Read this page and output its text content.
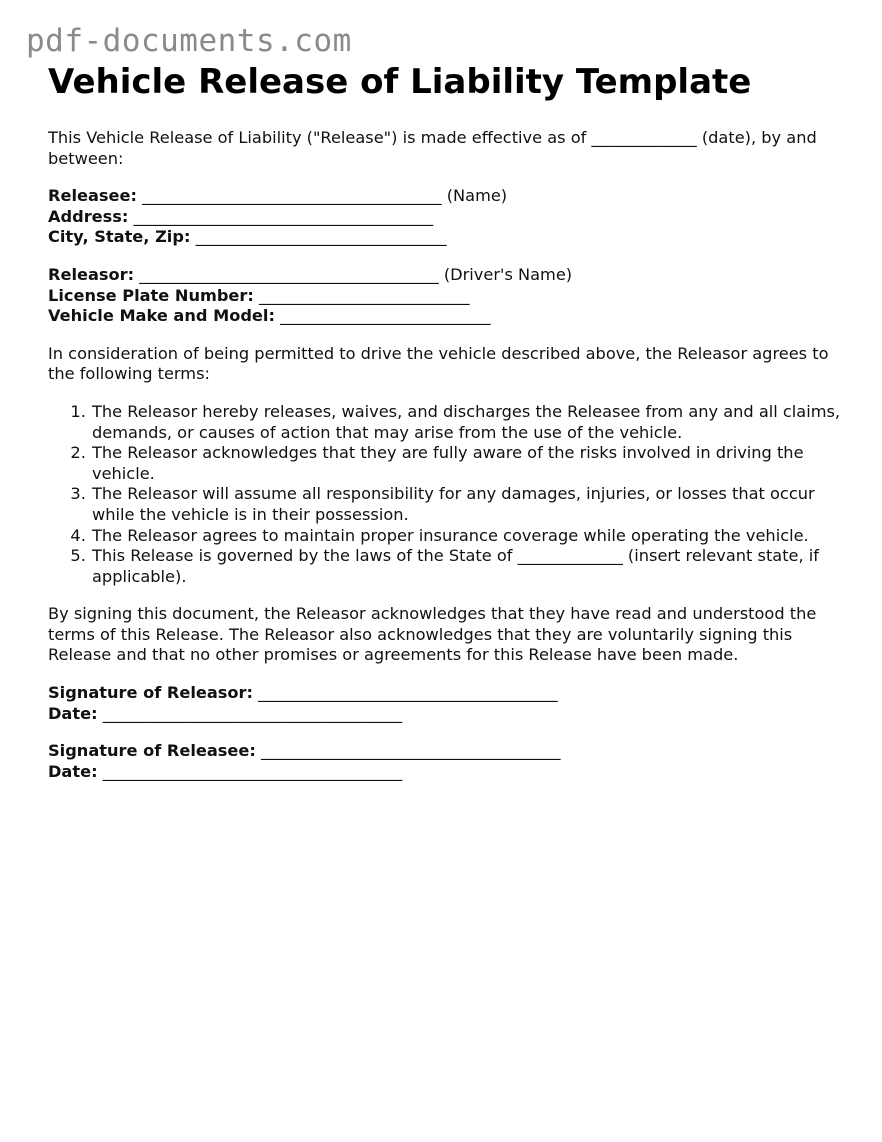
pdf-documents.com
Vehicle Release of Liability Template

This Vehicle Release of Liability ("Release") is made effective as of _____________ (date), by and between:

Releasee: _____________________________________ (Name)
Address: _____________________________________
City, State, Zip: _______________________________
Releasor: _____________________________________ (Driver's Name)
License Plate Number: __________________________
Vehicle Make and Model: __________________________

In consideration of being permitted to drive the vehicle described above, the Releasor agrees to the following terms:

1. The Releasor hereby releases, waives, and discharges the Releasee from any and all claims, demands, or causes of action that may arise from the use of the vehicle.
2. The Releasor acknowledges that they are fully aware of the risks involved in driving the vehicle.
3. The Releasor will assume all responsibility for any damages, injuries, or losses that occur while the vehicle is in their possession.
4. The Releasor agrees to maintain proper insurance coverage while operating the vehicle.
5. This Release is governed by the laws of the State of _____________ (insert relevant state, if applicable).

By signing this document, the Releasor acknowledges that they have read and understood the terms of this Release. The Releasor also acknowledges that they are voluntarily signing this Release and that no other promises or agreements for this Release have been made.

Signature of Releasor: _____________________________________
Date: _____________________________________
Signature of Releasee: _____________________________________
Date: _____________________________________
